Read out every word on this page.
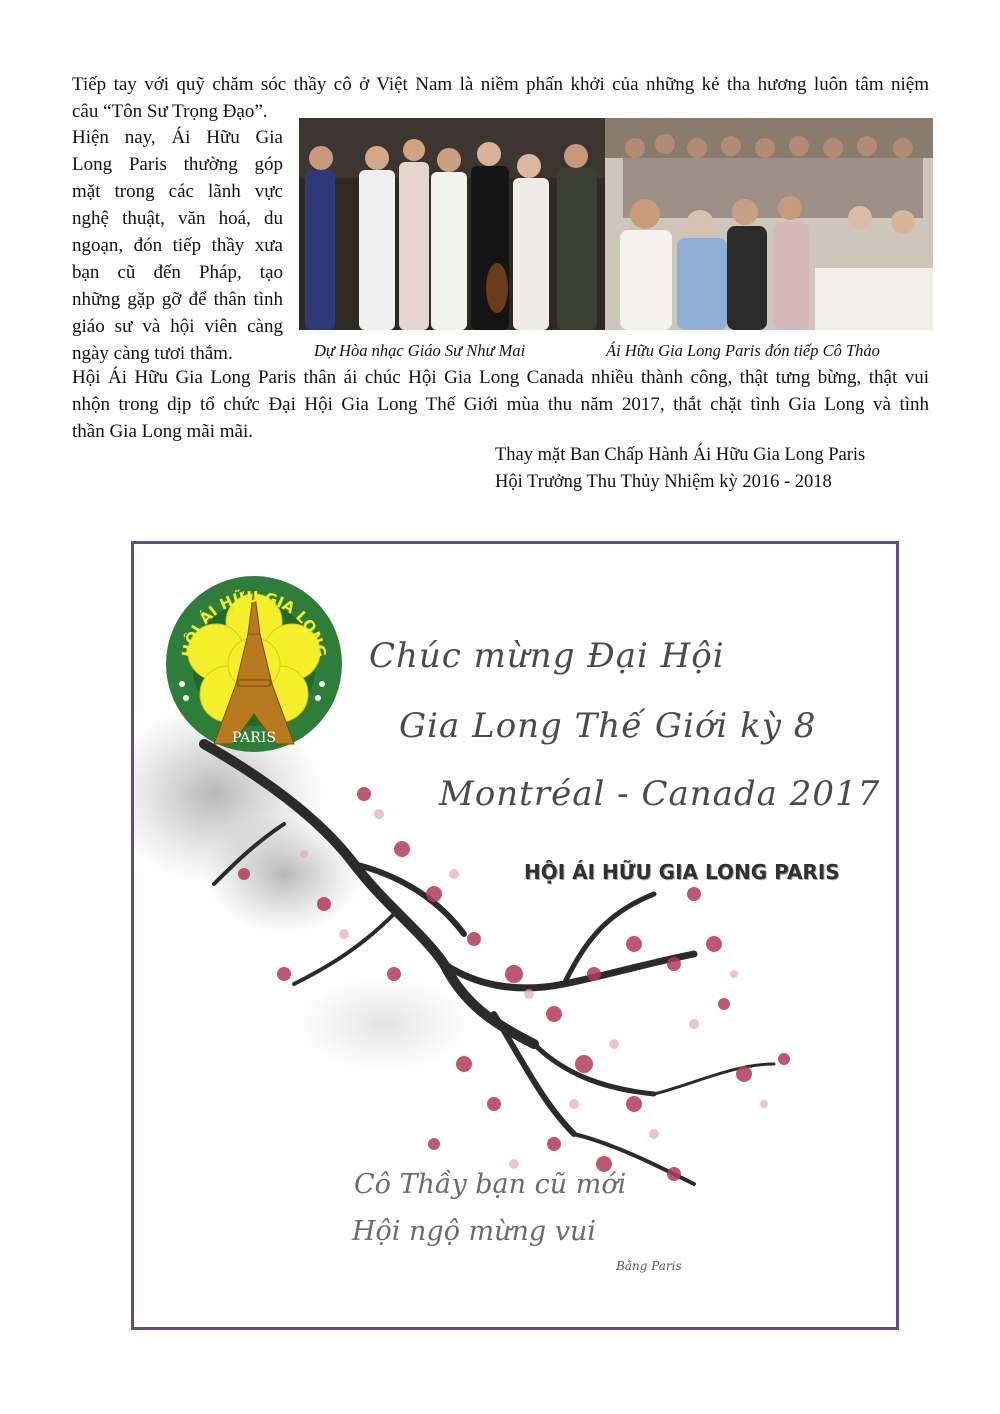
Tiếp tay với quỹ chăm sóc thầy cô ở Việt Nam là niềm phấn khởi của những kẻ tha hương luôn tâm niệm
câu “Tôn Sư Trọng Đạo”.
Hiện nay, Ái Hữu Gia
Long Paris thường góp
mặt trong các lãnh vực
nghệ thuật, văn hoá, du
ngoạn, đón tiếp thầy xưa
bạn cũ đến Pháp, tạo
những gặp gỡ để thân tình
giáo sư và hội viên càng
ngày càng tươi thắm.	Dự Hòa nhạc Giáo Sư Như Mai	Ái Hữu Gia Long Paris đón tiếp Cô Thảo
Hội Ái Hữu Gia Long Paris thân ái chúc Hội Gia Long Canada nhiều thành công, thật tưng bừng, thật vui
nhộn trong dịp tổ chức Đại Hội Gia Long Thế Giới mùa thu năm 2017, thắt chặt tình Gia Long và tình
thần Gia Long mãi mãi.
Thay mặt Ban Chấp Hành Ái Hữu Gia Long Paris
Hội Trưởng Thu Thủy Nhiệm kỳ 2016 - 2018
HỘI ÁI HỮU GIA LONG
PARIS
Chúc mừng Đại Hội
Gia Long Thế Giới kỳ 8
Montréal - Canada 2017
HỘI ÁI HỮU GIA LONG PARIS
Cô Thầy bạn cũ mới
Hội ngộ mừng vui
Bằng Paris
